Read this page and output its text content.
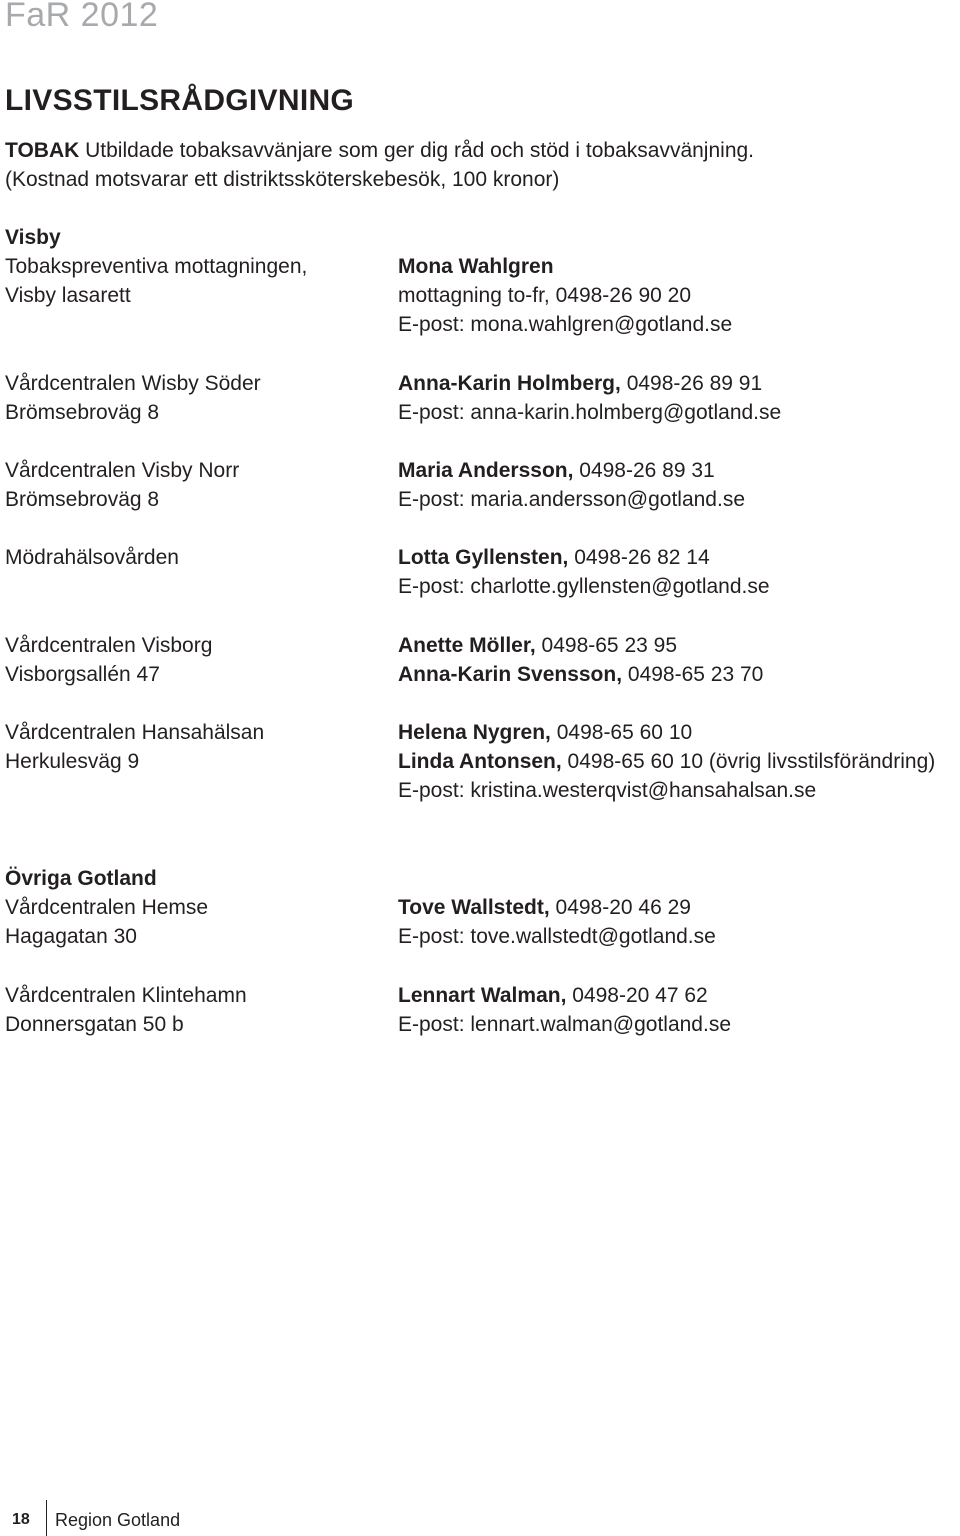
FaR 2012
LIVSSTILSRÅDGIVNING
TOBAK Utbildade tobaksavvänjare som ger dig råd och stöd i tobaksavvänjning.
(Kostnad motsvarar ett distriktssköterskebesök, 100 kronor)
Visby
Tobakspreventiva mottagningen,
Visby lasarett
Mona Wahlgren
mottagning to-fr, 0498-26 90 20
E-post: mona.wahlgren@gotland.se
Vårdcentralen Wisby Söder
Brömsebroväg 8
Anna-Karin Holmberg, 0498-26 89 91
E-post: anna-karin.holmberg@gotland.se
Vårdcentralen Visby Norr
Brömsebroväg 8
Maria Andersson, 0498-26 89 31
E-post: maria.andersson@gotland.se
Mödrahälsovården	Lotta Gyllensten, 0498-26 82 14
E-post: charlotte.gyllensten@gotland.se
Vårdcentralen Visborg
Visborgsallén 47
Anette Möller, 0498-65 23 95
Anna-Karin Svensson, 0498-65 23 70
Vårdcentralen Hansahälsan
Herkulesväg 9
Helena Nygren, 0498-65 60 10
Linda Antonsen, 0498-65 60 10 (övrig livsstilsförändring)
E-post: kristina.westerqvist@hansahalsan.se
Övriga Gotland
Vårdcentralen Hemse
Hagagatan 30
Tove Wallstedt, 0498-20 46 29
E-post: tove.wallstedt@gotland.se
Vårdcentralen Klintehamn
Donnersgatan 50 b
Lennart Walman, 0498-20 47 62
E-post: lennart.walman@gotland.se
18 Region Gotland
